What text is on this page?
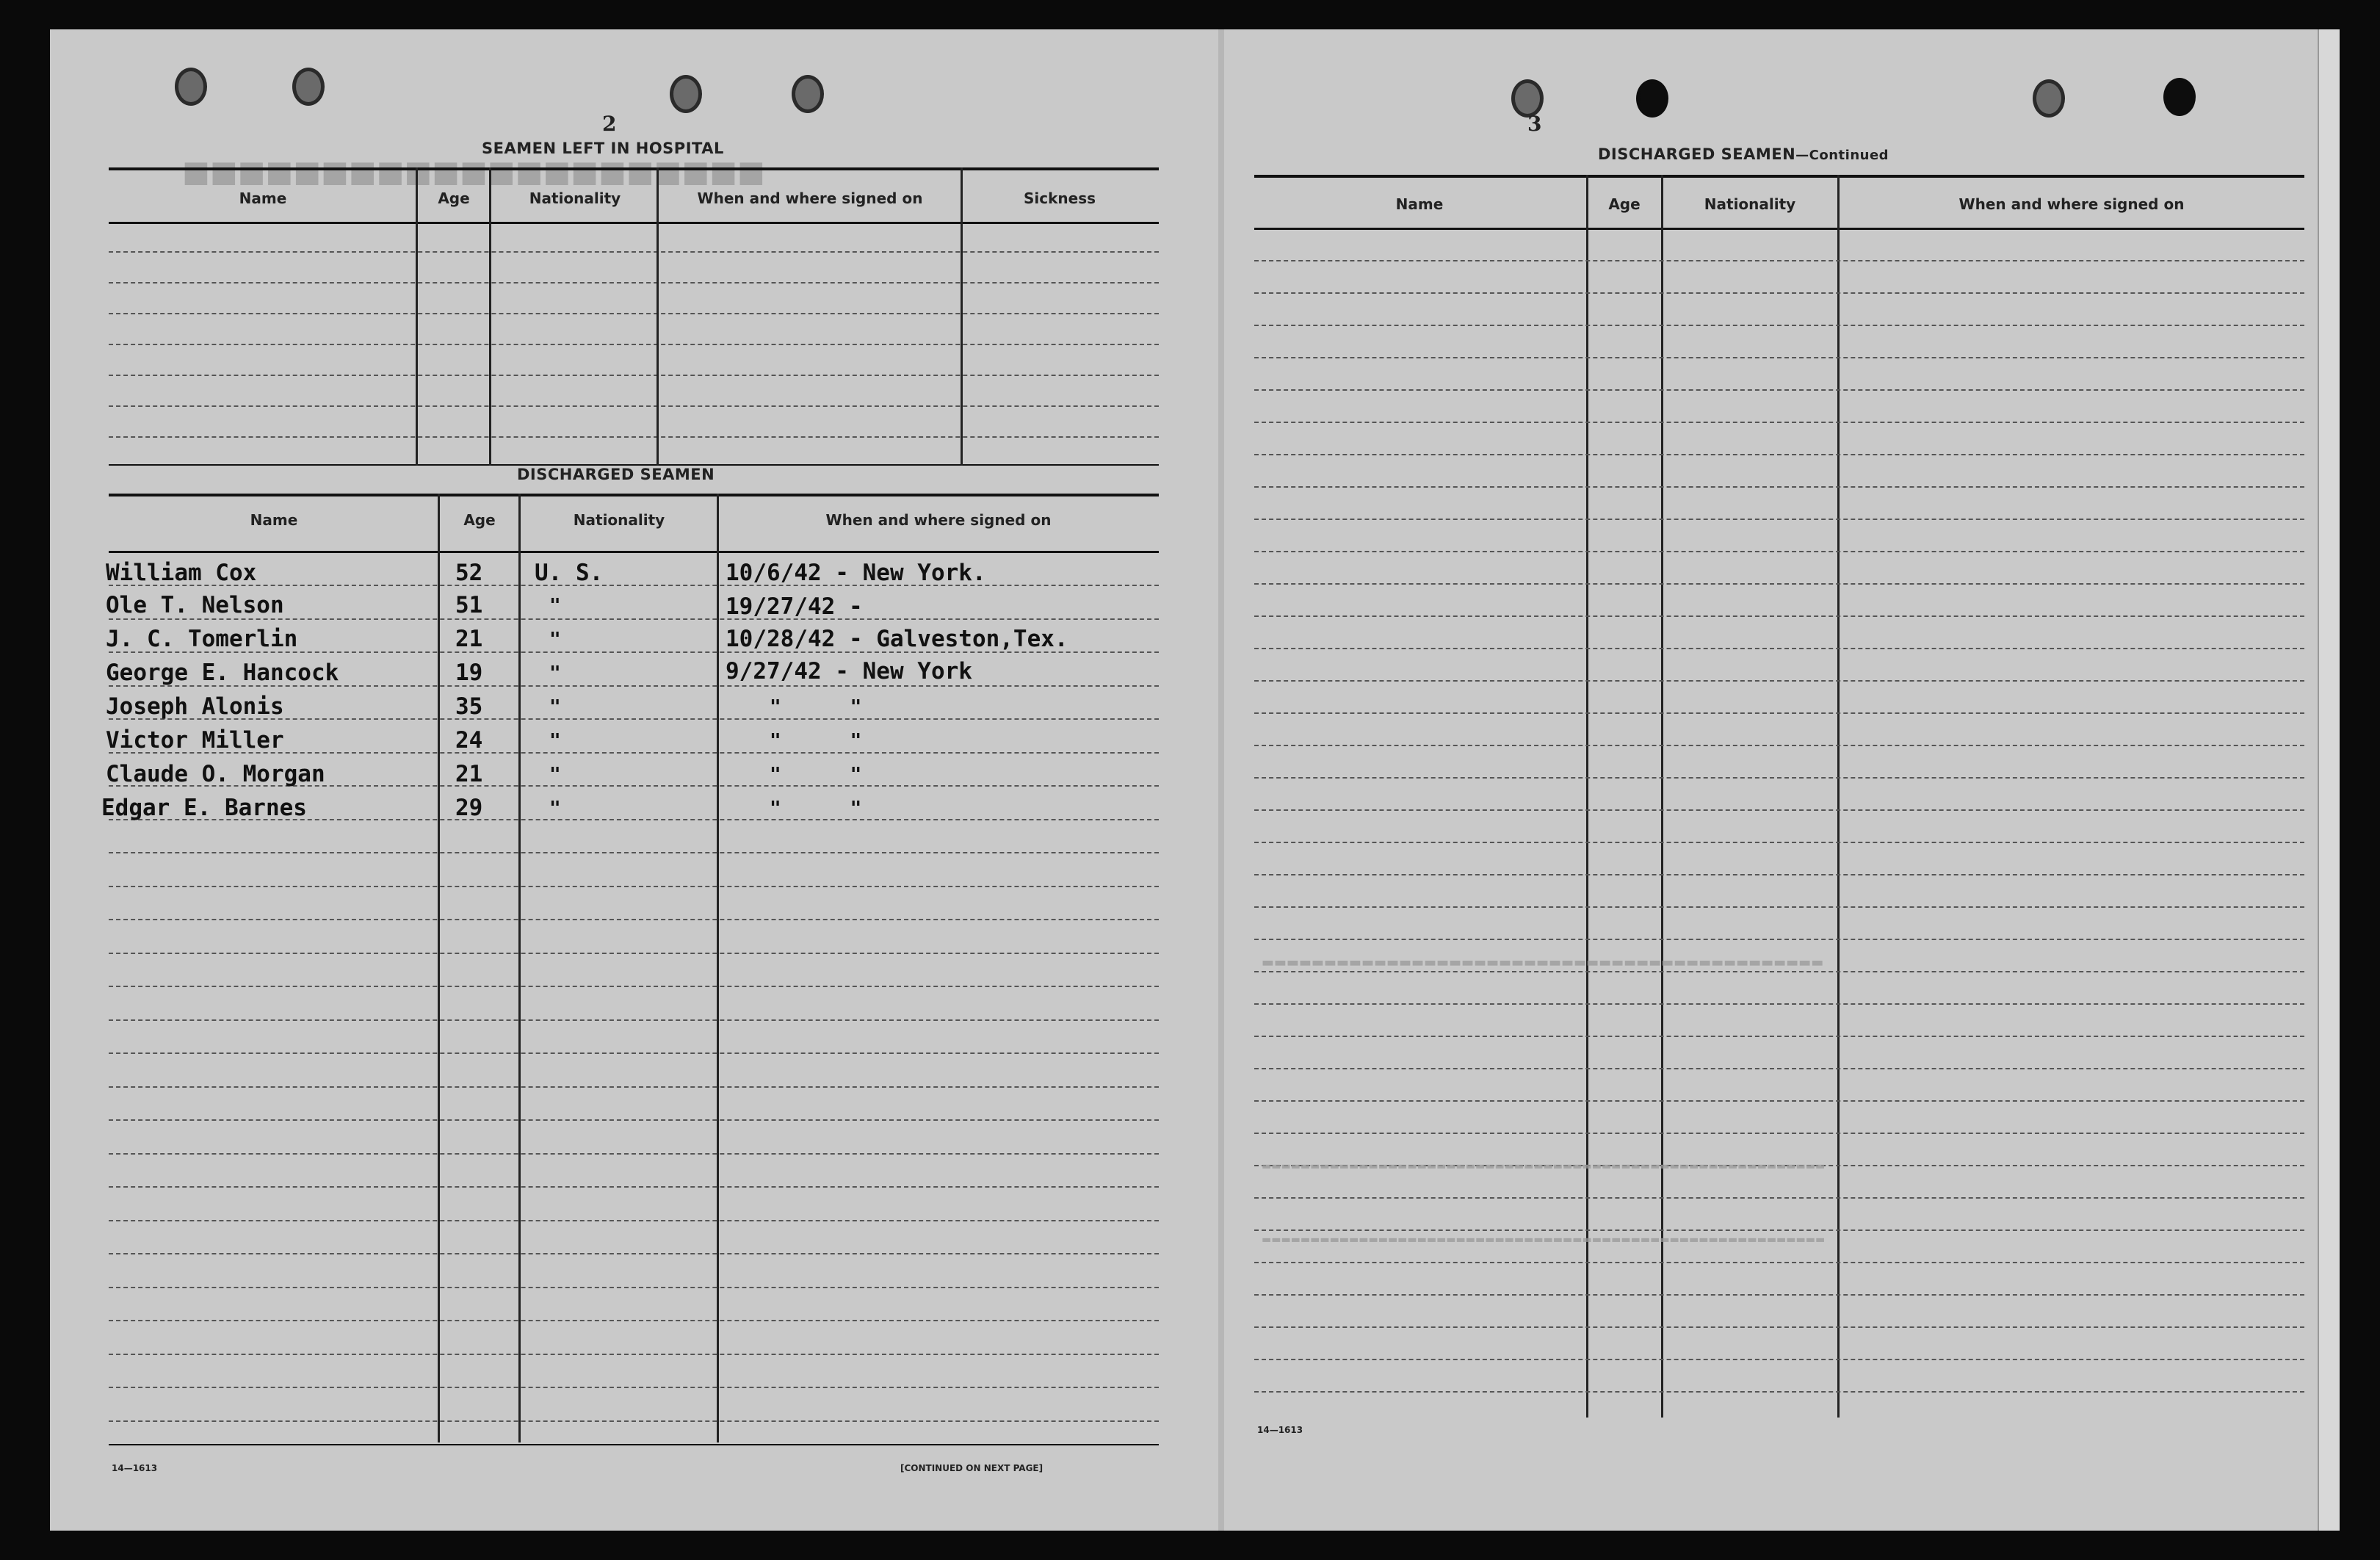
■■■■■■■■■■■■■■■■■■■■■
2
SEAMEN LEFT IN HOSPITAL
Name	Age	Nationality	When and where signed on	Sickness
DISCHARGED SEAMEN
Name	Age	Nationality	When and where signed on
William Cox	52 U. S.	10/6/42 - New York.
Ole T. Nelson	51	"	19/27/42 -
J. C. Tomerlin	21	"	10/28/42 - Galveston,Tex.
George E. Hancock	19	"	9/27/42 - New York
Joseph Alonis	35	"	"      "
Victor Miller	24	"	"      "
Claude O. Morgan	21	"	"      "
Edgar E. Barnes	29	"	"      "
14—1613	[CONTINUED ON NEXT PAGE]
3
DISCHARGED SEAMEN—Continued
Name	Age	Nationality	When and where signed on
▬▬▬▬▬▬▬▬▬▬▬▬▬▬▬▬▬▬▬▬▬▬▬▬▬▬▬▬▬▬▬▬▬▬▬▬▬▬▬▬▬▬▬▬▬
▬▬▬▬▬▬▬▬▬▬▬▬▬▬▬▬▬▬▬▬▬▬▬▬▬▬▬▬▬▬▬▬▬▬▬▬▬▬▬▬▬▬▬▬▬▬▬▬▬▬▬▬▬▬▬▬▬▬
▬▬▬▬▬▬▬▬▬▬▬▬▬▬▬▬▬▬▬▬▬▬▬▬▬▬▬▬▬▬▬▬▬▬▬▬▬▬▬▬▬▬▬▬▬▬▬▬▬▬▬▬▬▬▬▬▬▬
14—1613
